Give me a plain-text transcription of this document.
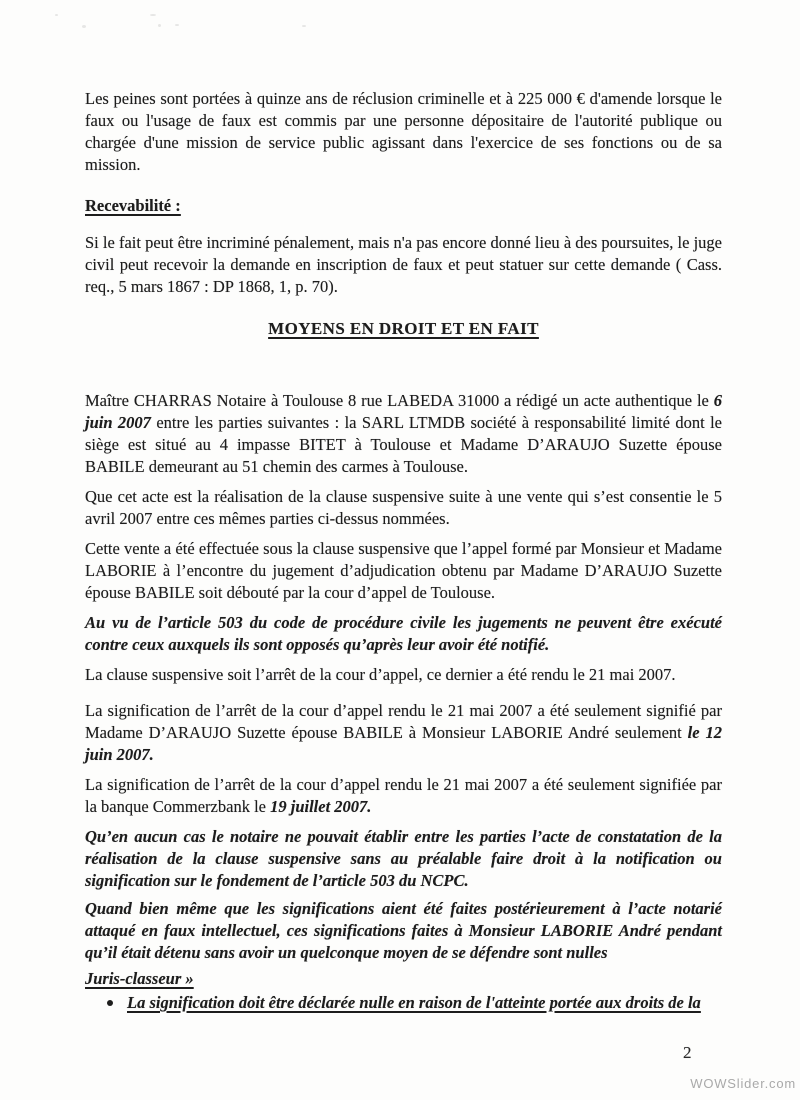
Les peines sont portées à quinze ans de réclusion criminelle et à 225 000 € d'amende lorsque le faux ou l'usage de faux est commis par une personne dépositaire de l'autorité publique ou chargée d'une mission de service public agissant dans l'exercice de ses fonctions ou de sa mission.

Recevabilité :

Si le fait peut être incriminé pénalement, mais n'a pas encore donné lieu à des poursuites, le juge civil peut recevoir la demande en inscription de faux et peut statuer sur cette demande ( Cass. req., 5 mars 1867 : DP 1868, 1, p. 70).

MOYENS EN DROIT ET EN FAIT

Maître CHARRAS Notaire à Toulouse 8 rue LABEDA 31000 a rédigé un acte authentique le 6 juin 2007 entre les parties suivantes : la SARL LTMDB société à responsabilité limité dont le siège est situé au 4 impasse BITET à Toulouse et Madame D’ARAUJO Suzette épouse BABILE demeurant au 51 chemin des carmes à Toulouse.

Que cet acte est la réalisation de la clause suspensive suite à une vente qui s’est consentie le 5 avril 2007 entre ces mêmes parties ci-dessus nommées.

Cette vente a été effectuée sous la clause suspensive que l’appel formé par Monsieur et Madame LABORIE à l’encontre du jugement d’adjudication obtenu par Madame D’ARAUJO Suzette épouse BABILE soit débouté par la cour d’appel de Toulouse.

Au vu de l’article 503 du code de procédure civile les jugements ne peuvent être exécuté contre ceux auxquels ils sont opposés qu’après leur avoir été notifié.

La clause suspensive soit l’arrêt de la cour d’appel, ce dernier a été rendu le 21 mai 2007.

La signification de l’arrêt de la cour d’appel rendu le 21 mai 2007 a été seulement signifié par Madame D’ARAUJO Suzette épouse BABILE à Monsieur LABORIE André seulement le 12 juin 2007.

La signification de l’arrêt de la cour d’appel rendu le 21 mai 2007 a été seulement signifiée par la banque Commerzbank le 19 juillet 2007.

Qu’en aucun cas le notaire ne pouvait établir entre les parties l’acte de constatation de la réalisation de la clause suspensive sans au préalable faire droit à la notification ou signification sur le fondement de l’article 503 du NCPC.

Quand bien même que les significations aient été faites postérieurement à l’acte notarié attaqué en faux intellectuel, ces significations faites à Monsieur LABORIE André pendant qu’il était détenu sans avoir un quelconque moyen de se défendre sont nulles

Juris-classeur »

La signification doit être déclarée nulle en raison de l'atteinte portée aux droits de la

2
WOWSlider.com
